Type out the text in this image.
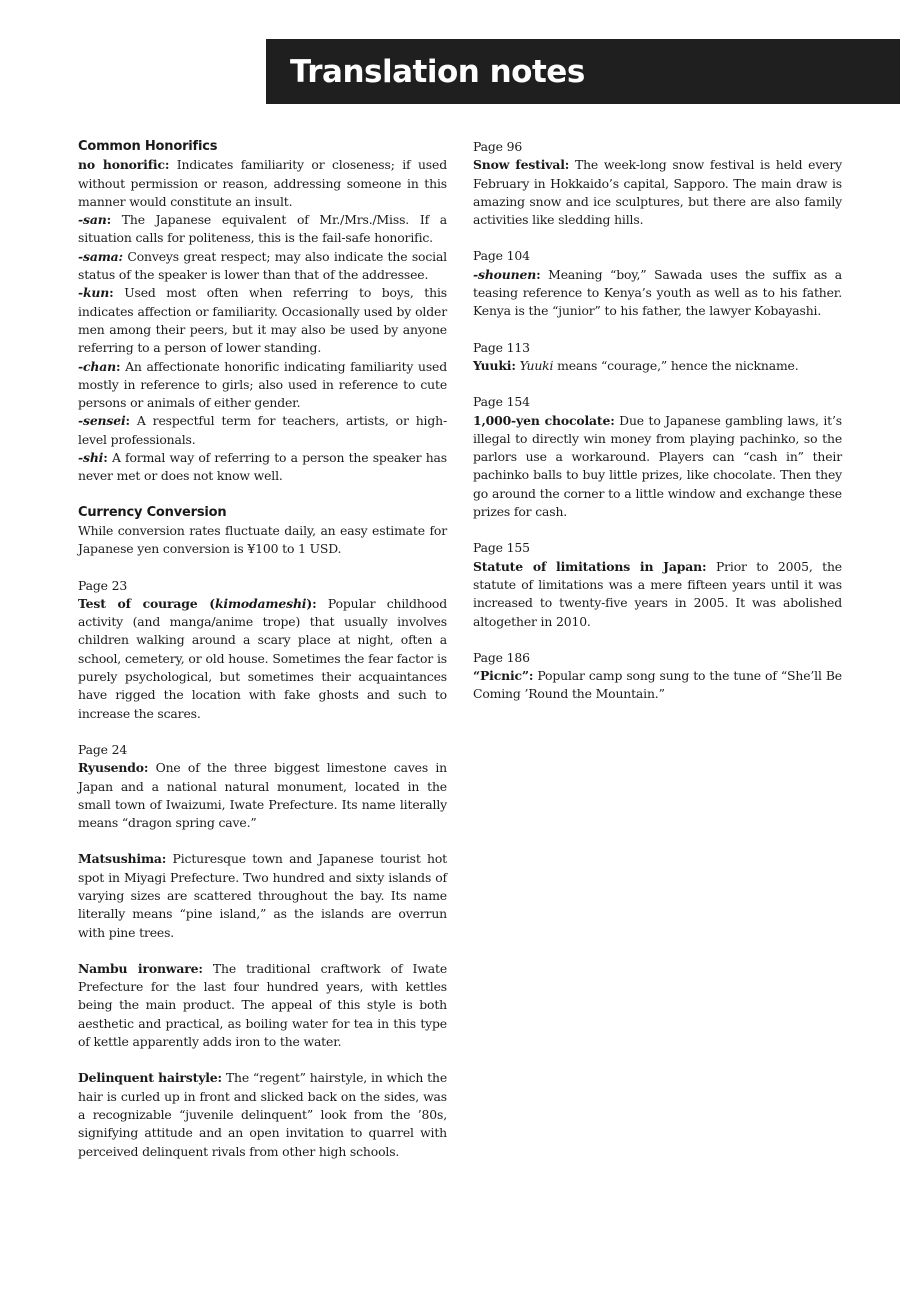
Translation notes

Common Honorifics

no honorific: Indicates familiarity or closeness; if used without permission or reason, addressing someone in this manner would constitute an insult.

-san: The Japanese equivalent of Mr./Mrs./Miss. If a situation calls for politeness, this is the fail-safe honorific.

-sama: Conveys great respect; may also indicate the social status of the speaker is lower than that of the addressee.

-kun: Used most often when referring to boys, this indicates affection or familiarity. Occasionally used by older men among their peers, but it may also be used by anyone referring to a person of lower standing.

-chan: An affectionate honorific indicating familiarity used mostly in reference to girls; also used in reference to cute persons or animals of either gender.

-sensei: A respectful term for teachers, artists, or high-level professionals.

-shi: A formal way of referring to a person the speaker has never met or does not know well.

Currency Conversion

While conversion rates fluctuate daily, an easy estimate for Japanese yen conversion is ¥100 to 1 USD.

Page 23

Test of courage (kimodameshi): Popular childhood activity (and manga/anime trope) that usually involves children walking around a scary place at night, often a school, cemetery, or old house. Sometimes the fear factor is purely psychological, but sometimes their acquaintances have rigged the location with fake ghosts and such to increase the scares.

Page 24

Ryusendo: One of the three biggest limestone caves in Japan and a national natural monument, located in the small town of Iwaizumi, Iwate Prefecture. Its name literally means “dragon spring cave.”

Matsushima: Picturesque town and Japanese tourist hot spot in Miyagi Prefecture. Two hundred and sixty islands of varying sizes are scattered throughout the bay. Its name literally means “pine island,” as the islands are overrun with pine trees.

Nambu ironware: The traditional craftwork of Iwate Prefecture for the last four hundred years, with kettles being the main product. The appeal of this style is both aesthetic and practical, as boiling water for tea in this type of kettle apparently adds iron to the water.

Delinquent hairstyle: The “regent” hairstyle, in which the hair is curled up in front and slicked back on the sides, was a recognizable “juvenile delinquent” look from the ’80s, signifying attitude and an open invitation to quarrel with perceived delinquent rivals from other high schools.

Page 96

Snow festival: The week-long snow festival is held every February in Hokkaido’s capital, Sapporo. The main draw is amazing snow and ice sculptures, but there are also family activities like sledding hills.

Page 104

-shounen: Meaning “boy,” Sawada uses the suffix as a teasing reference to Kenya’s youth as well as to his father. Kenya is the “junior” to his father, the lawyer Kobayashi.

Page 113

Yuuki: Yuuki means “courage,” hence the nickname.

Page 154

1,000-yen chocolate: Due to Japanese gambling laws, it’s illegal to directly win money from playing pachinko, so the parlors use a workaround. Players can “cash in” their pachinko balls to buy little prizes, like chocolate. Then they go around the corner to a little window and exchange these prizes for cash.

Page 155

Statute of limitations in Japan: Prior to 2005, the statute of limitations was a mere fifteen years until it was increased to twenty-five years in 2005. It was abolished altogether in 2010.

Page 186

“Picnic”: Popular camp song sung to the tune of “She’ll Be Coming ’Round the Mountain.”
